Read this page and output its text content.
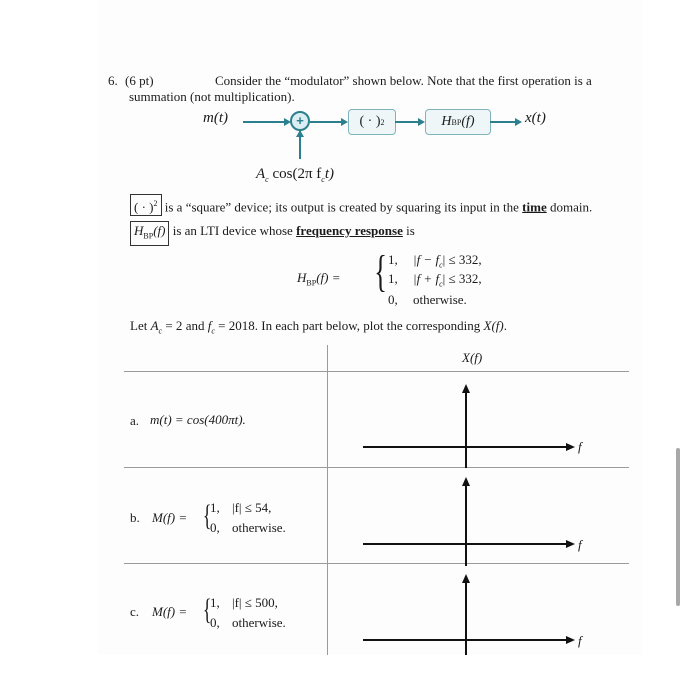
6. (6 pt)	Consider the “modulator” shown below. Note that the first operation is a
summation (not multiplication).
m(t)	+	( · ) 2	H BP (f)	x(t)
$A_c$ cos(2π $f_ct$)
( · )$^2$ is a “square” device; its output is created by squaring its input in the time domain.
$H_{BP}(f)$ is an LTI device whose frequency response is
$H_{BP}(f)$ = { 1, $|f - f_c| \le 332$,
1, $|f + f_c| \le 332$,
0, otherwise.
Let $A_c = 2$ and $f_c = 2018$. In each part below, plot the corresponding X(f).
X(f)
a. m(t) = cos(400πt).
f
b. M(f) = {
1, |f| ≤ 54,
0, otherwise.
f
c. M(f) = {
1, |f| ≤ 500,
0, otherwise.
f
